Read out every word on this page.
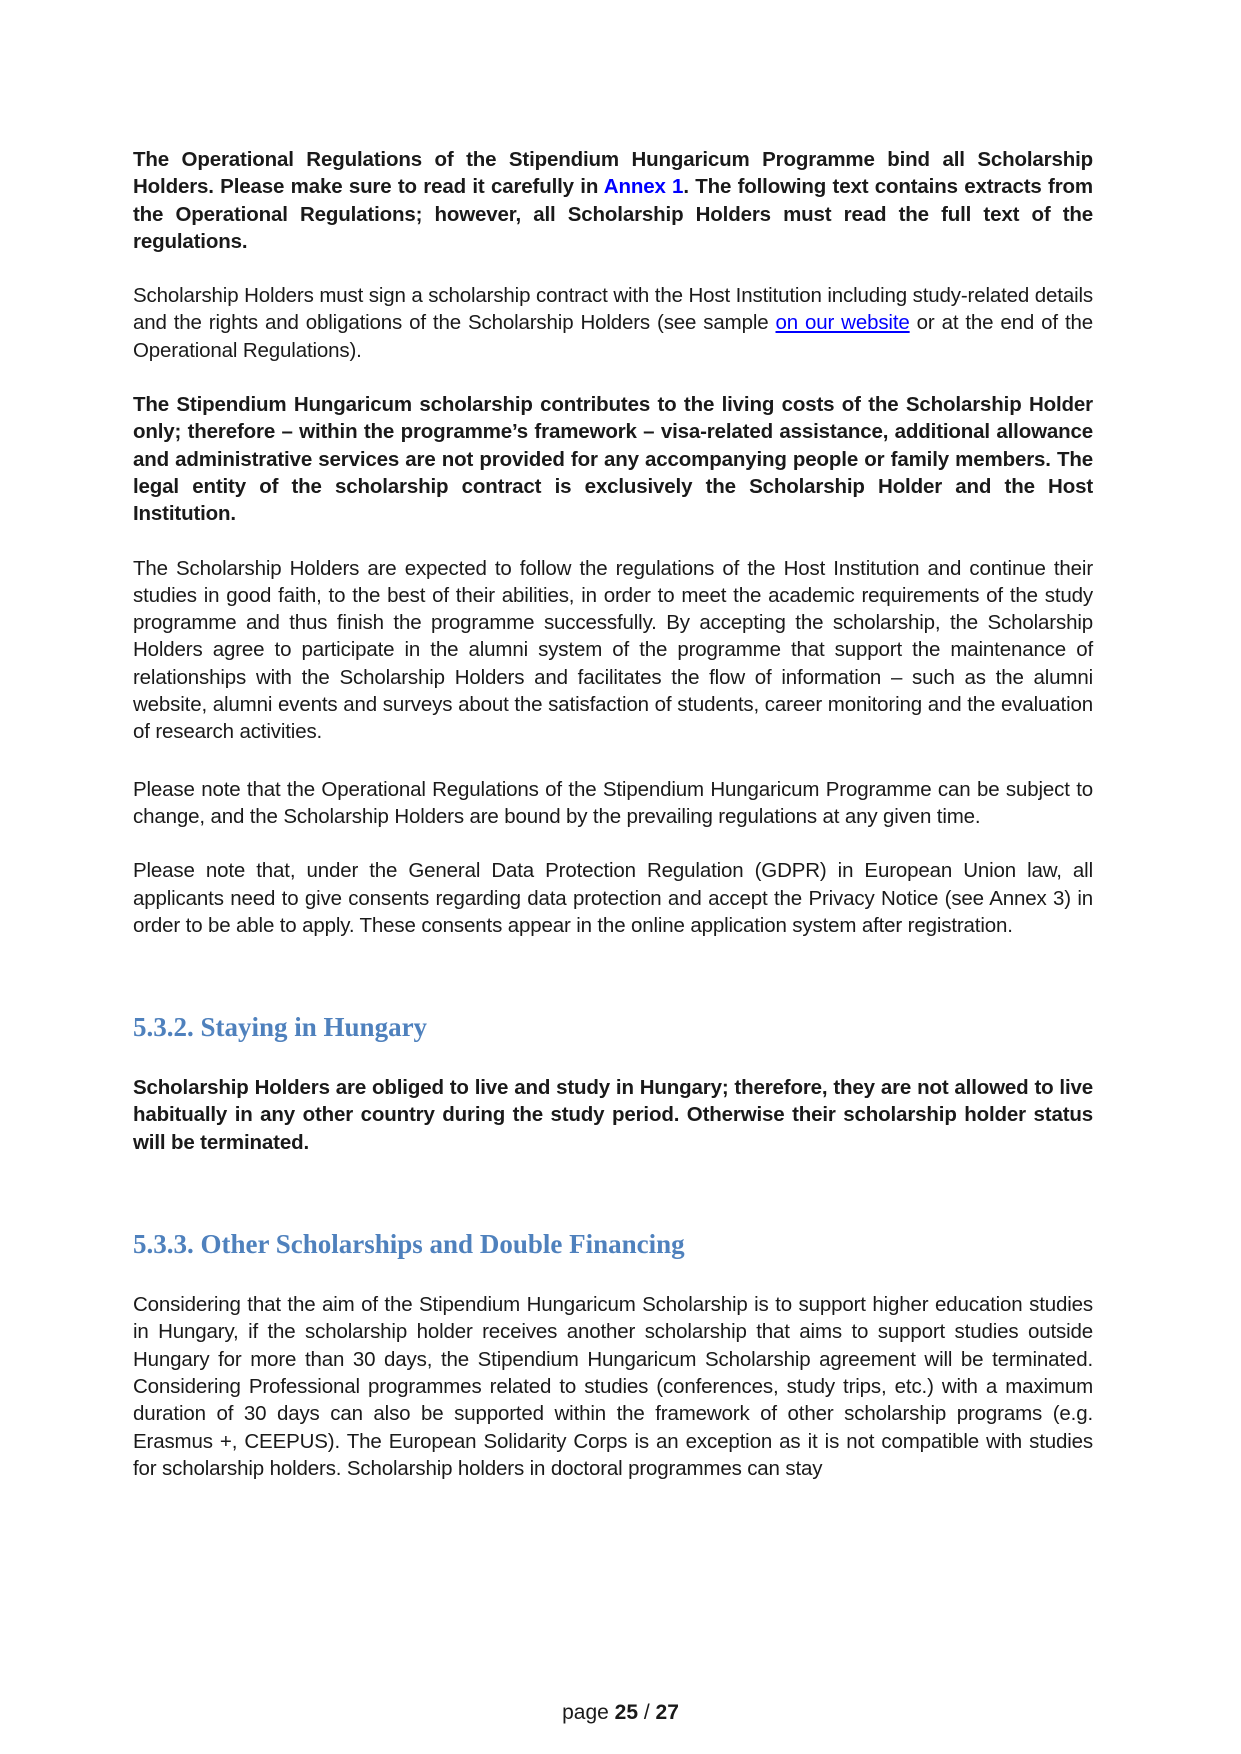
The Operational Regulations of the Stipendium Hungaricum Programme bind all Scholarship Holders. Please make sure to read it carefully in Annex 1. The following text contains extracts from the Operational Regulations; however, all Scholarship Holders must read the full text of the regulations.

Scholarship Holders must sign a scholarship contract with the Host Institution including study-related details and the rights and obligations of the Scholarship Holders (see sample on our website or at the end of the Operational Regulations).

The Stipendium Hungaricum scholarship contributes to the living costs of the Scholarship Holder only; therefore – within the programme’s framework – visa-related assistance, additional allowance and administrative services are not provided for any accompanying people or family members. The legal entity of the scholarship contract is exclusively the Scholarship Holder and the Host Institution.

The Scholarship Holders are expected to follow the regulations of the Host Institution and continue their studies in good faith, to the best of their abilities, in order to meet the academic requirements of the study programme and thus finish the programme successfully. By accepting the scholarship, the Scholarship Holders agree to participate in the alumni system of the programme that support the maintenance of relationships with the Scholarship Holders and facilitates the flow of information – such as the alumni website, alumni events and surveys about the satisfaction of students, career monitoring and the evaluation of research activities.

Please note that the Operational Regulations of the Stipendium Hungaricum Programme can be subject to change, and the Scholarship Holders are bound by the prevailing regulations at any given time.

Please note that, under the General Data Protection Regulation (GDPR) in European Union law, all applicants need to give consents regarding data protection and accept the Privacy Notice (see Annex 3) in order to be able to apply. These consents appear in the online application system after registration.

5.3.2. Staying in Hungary

Scholarship Holders are obliged to live and study in Hungary; therefore, they are not allowed to live habitually in any other country during the study period. Otherwise their scholarship holder status will be terminated.

5.3.3. Other Scholarships and Double Financing

Considering that the aim of the Stipendium Hungaricum Scholarship is to support higher education studies in Hungary, if the scholarship holder receives another scholarship that aims to support studies outside Hungary for more than 30 days, the Stipendium Hungaricum Scholarship agreement will be terminated. Considering Professional programmes related to studies (conferences, study trips, etc.) with a maximum duration of 30 days can also be supported within the framework of other scholarship programs (e.g. Erasmus +, CEEPUS). The European Solidarity Corps is an exception as it is not compatible with studies for scholarship holders. Scholarship holders in doctoral programmes can stay

page 25 / 27
